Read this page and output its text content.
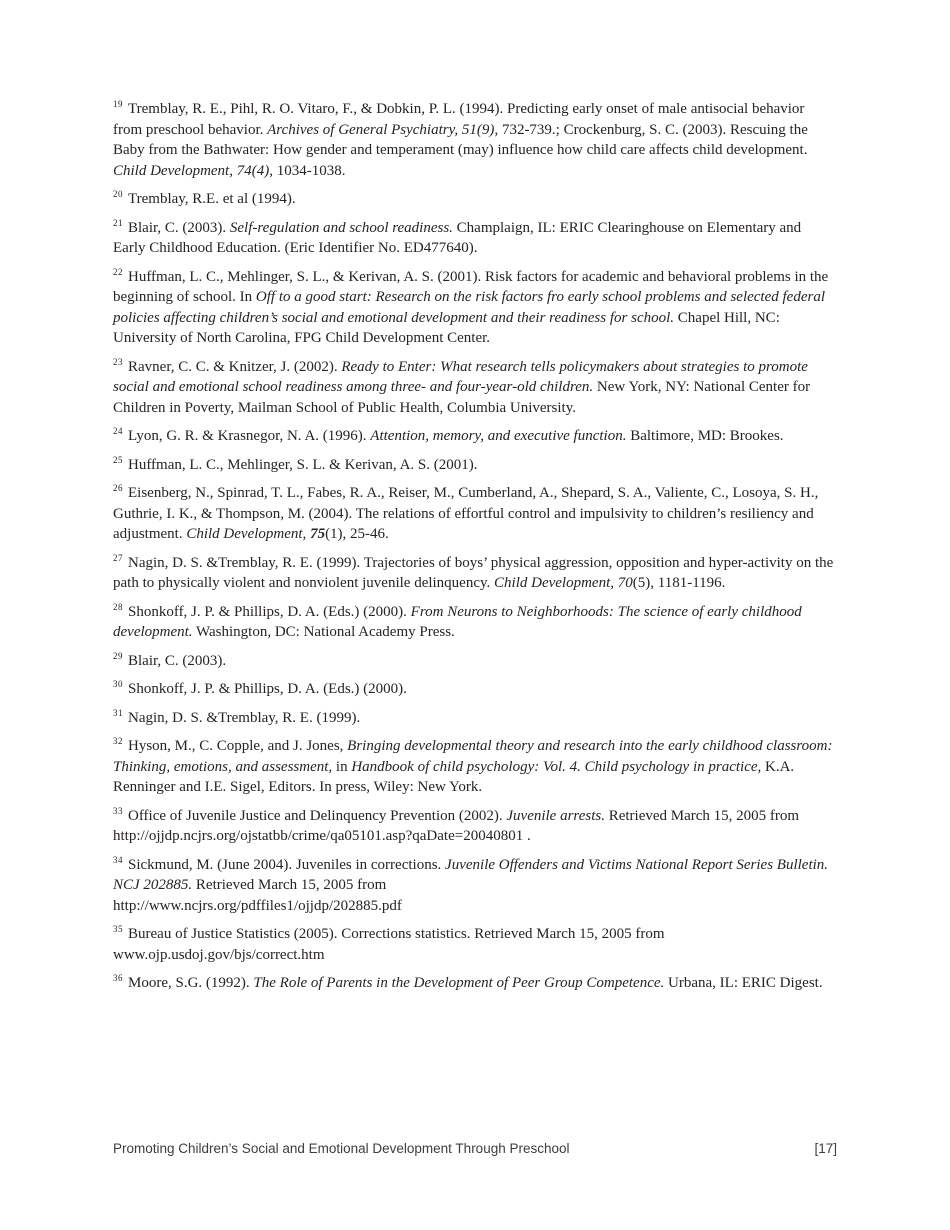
$^{19}$ Tremblay, R. E., Pihl, R. O. Vitaro, F., & Dobkin, P. L. (1994). Predicting early onset of male antisocial behavior from preschool behavior. Archives of General Psychiatry, 51(9), 732-739.; Crockenburg, S. C. (2003). Rescuing the Baby from the Bathwater: How gender and temperament (may) influence how child care affects child development. Child Development, 74(4), 1034-1038.

$^{20}$ Tremblay, R.E. et al (1994).

$^{21}$ Blair, C. (2003). Self-regulation and school readiness. Champlaign, IL: ERIC Clearinghouse on Elementary and Early Childhood Education. (Eric Identifier No. ED477640).

$^{22}$ Huffman, L. C., Mehlinger, S. L., & Kerivan, A. S. (2001). Risk factors for academic and behavioral problems in the beginning of school. In Off to a good start: Research on the risk factors fro early school problems and selected federal policies affecting children’s social and emotional development and their readiness for school. Chapel Hill, NC: University of North Carolina, FPG Child Development Center.

$^{23}$ Ravner, C. C. & Knitzer, J. (2002). Ready to Enter: What research tells policymakers about strategies to promote social and emotional school readiness among three- and four-year-old children. New York, NY: National Center for Children in Poverty, Mailman School of Public Health, Columbia University.

$^{24}$ Lyon, G. R. & Krasnegor, N. A. (1996). Attention, memory, and executive function. Baltimore, MD: Brookes.

$^{25}$ Huffman, L. C., Mehlinger, S. L. & Kerivan, A. S. (2001).

$^{26}$ Eisenberg, N., Spinrad, T. L., Fabes, R. A., Reiser, M., Cumberland, A., Shepard, S. A., Valiente, C., Losoya, S. H., Guthrie, I. K., & Thompson, M. (2004). The relations of effortful control and impulsivity to children’s resiliency and adjustment. Child Development, 75(1), 25-46.

$^{27}$ Nagin, D. S. &Tremblay, R. E. (1999). Trajectories of boys’ physical aggression, opposition and hyper-activity on the path to physically violent and nonviolent juvenile delinquency. Child Development, 70(5), 1181-1196.

$^{28}$ Shonkoff, J. P. & Phillips, D. A. (Eds.) (2000). From Neurons to Neighborhoods: The science of early childhood development. Washington, DC: National Academy Press.

$^{29}$ Blair, C. (2003).

$^{30}$ Shonkoff, J. P. & Phillips, D. A. (Eds.) (2000).

$^{31}$ Nagin, D. S. &Tremblay, R. E. (1999).

$^{32}$ Hyson, M., C. Copple, and J. Jones, Bringing developmental theory and research into the early childhood classroom: Thinking, emotions, and assessment, in Handbook of child psychology: Vol. 4. Child psychology in practice, K.A. Renninger and I.E. Sigel, Editors. In press, Wiley: New York.

$^{33}$ Office of Juvenile Justice and Delinquency Prevention (2002). Juvenile arrests. Retrieved March 15, 2005 from http://ojjdp.ncjrs.org/ojstatbb/crime/qa05101.asp?qaDate=20040801 .

$^{34}$ Sickmund, M. (June 2004). Juveniles in corrections. Juvenile Offenders and Victims National Report Series Bulletin. NCJ 202885. Retrieved March 15, 2005 from
http://www.ncjrs.org/pdffiles1/ojjdp/202885.pdf

$^{35}$ Bureau of Justice Statistics (2005). Corrections statistics. Retrieved March 15, 2005 from
www.ojp.usdoj.gov/bjs/correct.htm

$^{36}$ Moore, S.G. (1992). The Role of Parents in the Development of Peer Group Competence. Urbana, IL: ERIC Digest.

Promoting Children’s Social and Emotional Development Through Preschool	[17]
